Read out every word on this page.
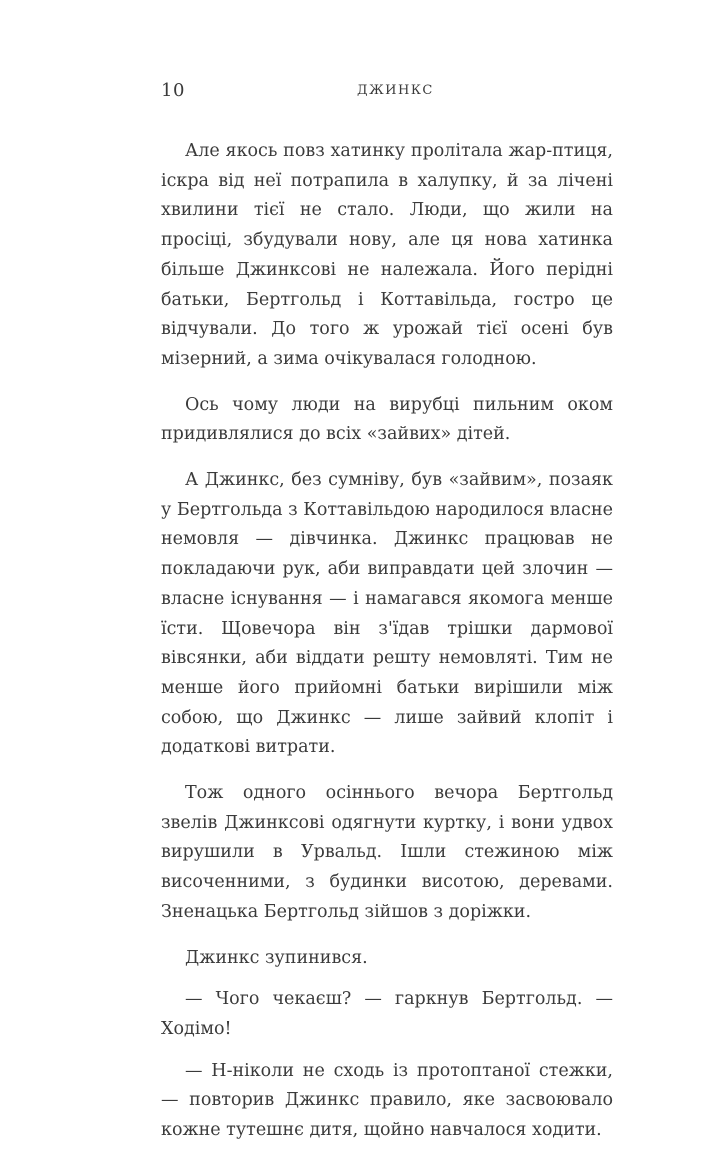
10	ДЖИНКС

Але якось повз хатинку пролітала жар-птиця, іскра від неї потрапила в халупку, й за лічені хвилини тієї не стало. Люди, що жили на просіці, збудували нову, але ця нова хатинка більше Джинксові не належала. Його перідні батьки, Бертгольд і Коттавільда, гостро це відчували. До того ж урожай тієї осені був мізерний, а зима очікувалася голодною.

Ось чому люди на вирубці пильним оком придивлялися до всіх «зайвих» дітей.

А Джинкс, без сумніву, був «зайвим», позаяк у Бертгольда з Коттавільдою народилося власне немовля — дівчинка. Джинкс працював не покладаючи рук, аби виправдати цей злочин — власне існування — і намагався якомога менше їсти. Щовечора він з'їдав трішки дармової вівсянки, аби віддати решту немовляті. Тим не менше його прийомні батьки вирішили між собою, що Джинкс — лише зайвий клопіт і додаткові витрати.

Тож одного осіннього вечора Бертгольд звелів Джинксові одягнути куртку, і вони удвох вирушили в Урвальд. Ішли стежиною між височенними, з будинки висотою, деревами. Зненацька Бертгольд зійшов з доріжки.

Джинкс зупинився.

— Чого чекаєш? — гаркнув Бертгольд. — Ходімо!

— Н-ніколи не сходь із протоптаної стежки, — повторив Джинкс правило, яке засвоювало кожне тутешнє дитя, щойно навчалося ходити.
